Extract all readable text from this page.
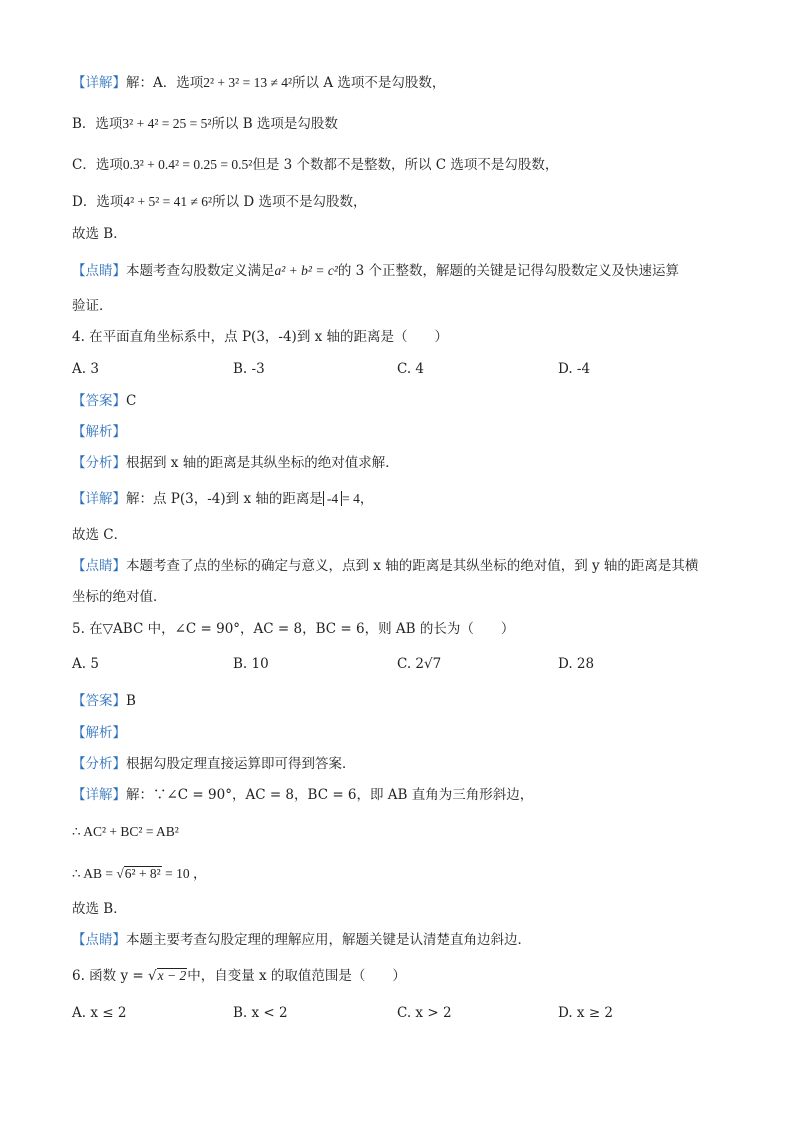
【详解】解：A．选项2² + 3² = 13 ≠ 4²所以 A 选项不是勾股数，
B．选项3² + 4² = 25 = 5²所以 B 选项是勾股数
C．选项0.3² + 0.4² = 0.25 = 0.5²但是 3 个数都不是整数，所以 C 选项不是勾股数，
D．选项4² + 5² = 41 ≠ 6²所以 D 选项不是勾股数，
故选 B．
【点睛】本题考查勾股数定义满足a² + b² = c²的 3 个正整数，解题的关键是记得勾股数定义及快速运算
验证．
4. 在平面直角坐标系中，点 P(3，-4)到 x 轴的距离是（　　）
A. 3	B. -3	C. 4	D. -4
【答案】C
【解析】
【分析】根据到 x 轴的距离是其纵坐标的绝对值求解．
【详解】解：点 P(3，-4)到 x 轴的距离是 -4 = 4，
故选 C．
【点睛】本题考查了点的坐标的确定与意义，点到 x 轴的距离是其纵坐标的绝对值，到 y 轴的距离是其横
坐标的绝对值．
5. 在▽ABC 中，∠C = 90°，AC = 8，BC = 6，则 AB 的长为（　　）
A. 5	B. 10	C. 2√7	D. 28
【答案】B
【解析】
【分析】根据勾股定理直接运算即可得到答案．
【详解】解：∵∠C = 90°，AC = 8，BC = 6，即 AB 直角为三角形斜边，
∴ AC² + BC² = AB²
∴ AB = √6² + 8² = 10 ，
故选 B．
【点睛】本题主要考查勾股定理的理解应用，解题关键是认清楚直角边斜边．
6. 函数 y = √x − 2中，自变量 x 的取值范围是（　　）
A. x ≤ 2	B. x < 2	C. x > 2	D. x ≥ 2
